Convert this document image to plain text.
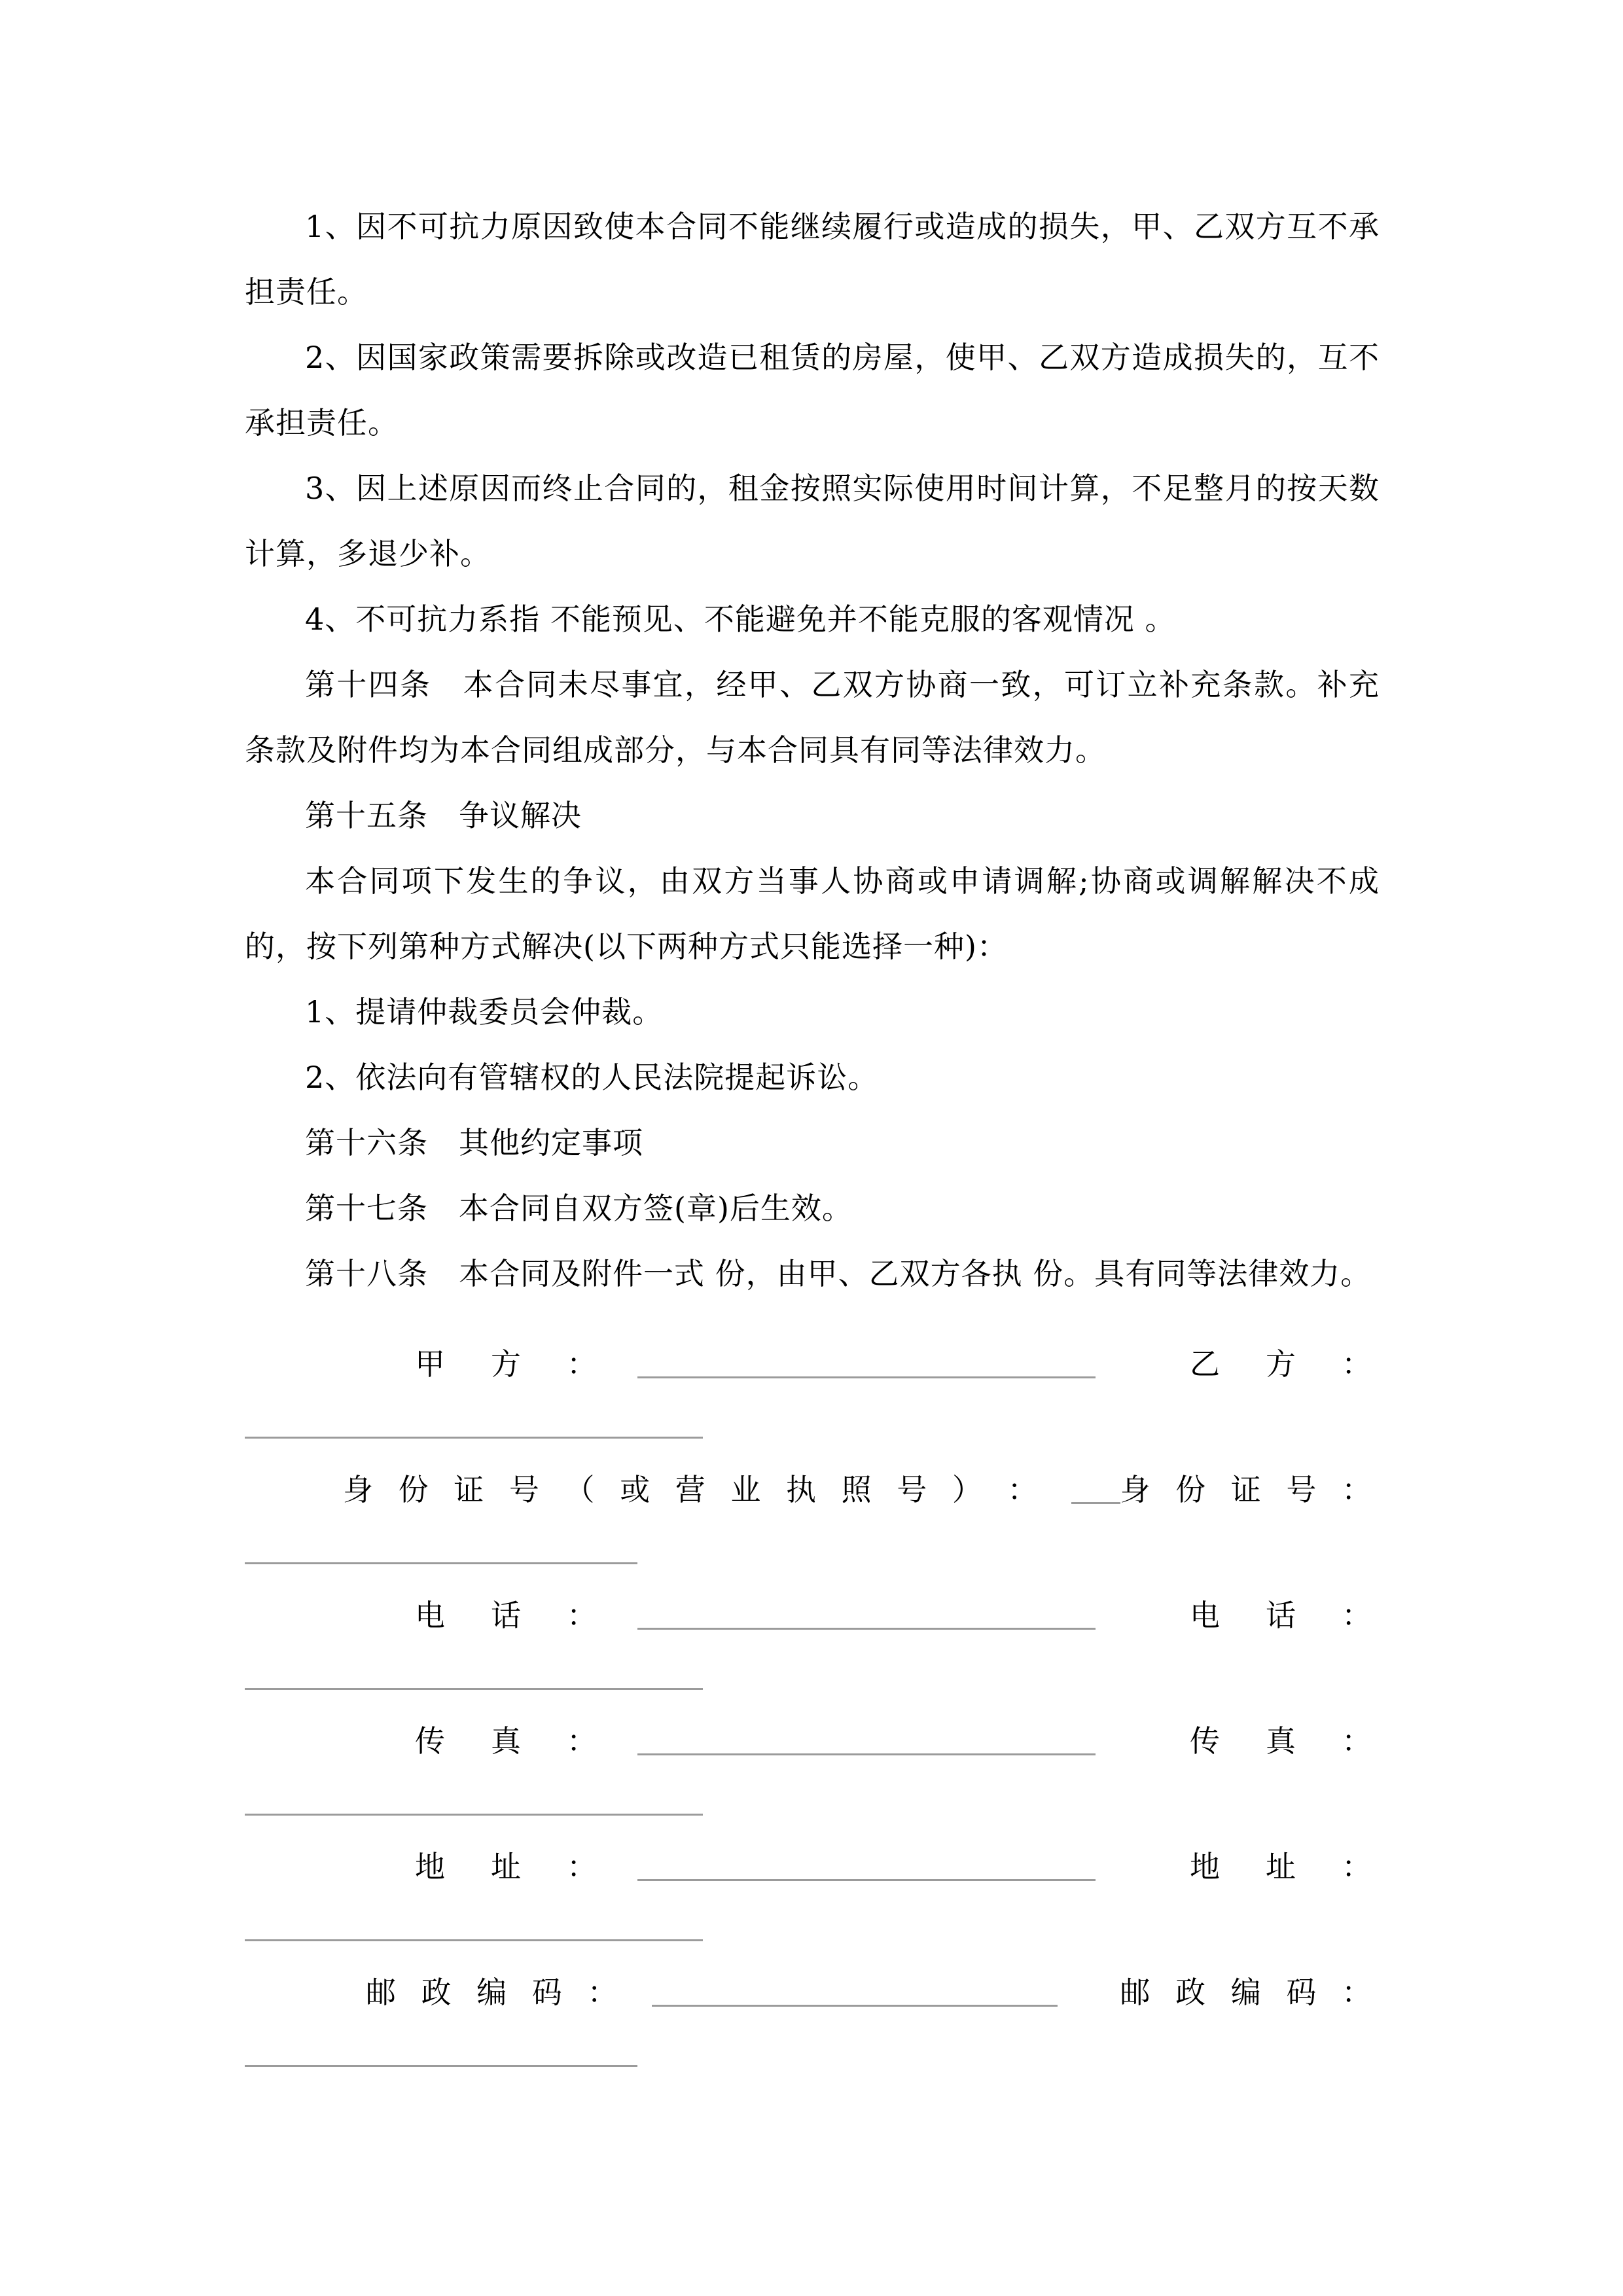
1、因不可抗力原因致使本合同不能继续履行或造成的损失，甲、乙双方互不承担责任。

2、因国家政策需要拆除或改造已租赁的房屋，使甲、乙双方造成损失的，互不承担责任。

3、因上述原因而终止合同的，租金按照实际使用时间计算，不足整月的按天数计算，多退少补。

4、不可抗力系指 不能预见、不能避免并不能克服的客观情况 。

第十四条　本合同未尽事宜，经甲、乙双方协商一致，可订立补充条款。补充条款及附件均为本合同组成部分，与本合同具有同等法律效力。

第十五条　争议解决

本合同项下发生的争议，由双方当事人协商或申请调解;协商或调解解决不成的，按下列第种方式解决(以下两种方式只能选择一种)：

1、提请仲裁委员会仲裁。

2、依法向有管辖权的人民法院提起诉讼。

第十六条　其他约定事项

第十七条　本合同自双方签(章)后生效。

第十八条　本合同及附件一式 份，由甲、乙双方各执 份。具有同等法律效力。

甲　方　：	乙　方　：
身 份 证 号 （ 或 营 业 执 照 号 ） ： 身 份 证 号 ：
电　话　：	电　话　：
传　真　：	传　真　：
地　址　：	地　址　：
邮 政 编 码 ：	邮 政 编 码 ：
